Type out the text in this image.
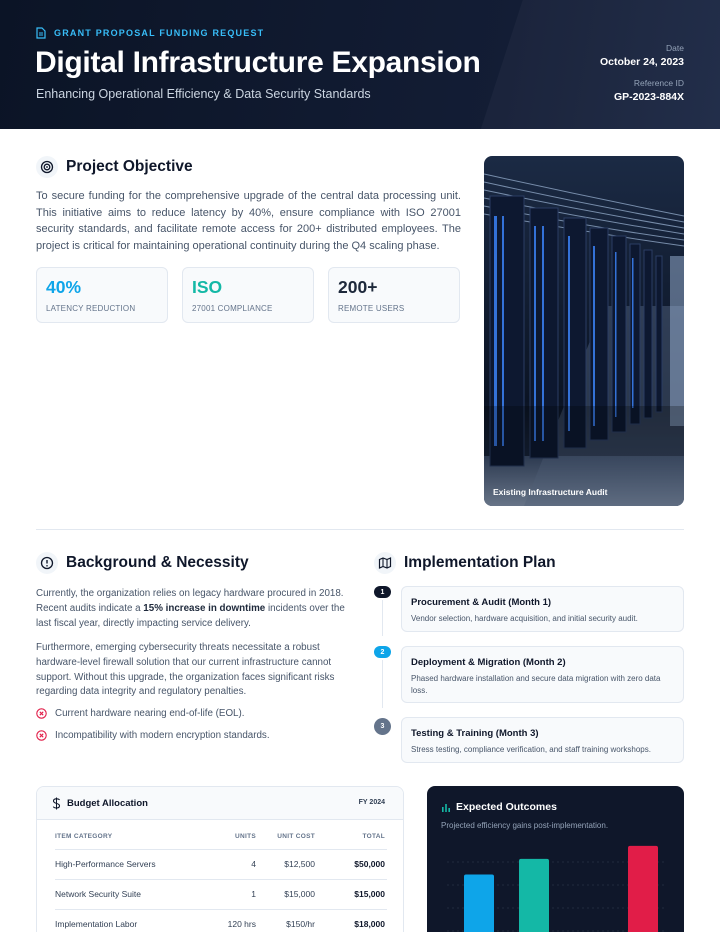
GRANT PROPOSAL FUNDING REQUEST
Digital Infrastructure Expansion
Enhancing Operational Efficiency & Data Security Standards
Date
October 24, 2023
Reference ID
GP-2023-884X
Project Objective

To secure funding for the comprehensive upgrade of the central data processing unit. This initiative aims to reduce latency by 40%, ensure compliance with ISO 27001 security standards, and facilitate remote access for 200+ distributed employees. The project is critical for maintaining operational continuity during the Q4 scaling phase.

40%
LATENCY REDUCTION
ISO
27001 COMPLIANCE
200+
REMOTE USERS
Existing Infrastructure Audit
Background & Necessity

Currently, the organization relies on legacy hardware procured in 2018. Recent audits indicate a 15% increase in downtime incidents over the last fiscal year, directly impacting service delivery.

Furthermore, emerging cybersecurity threats necessitate a robust hardware-level firewall solution that our current infrastructure cannot support. Without this upgrade, the organization faces significant risks regarding data integrity and regulatory penalties.

Current hardware nearing end-of-life (EOL).
Incompatibility with modern encryption standards.
Implementation Plan
1
Procurement & Audit (Month 1)
Vendor selection, hardware acquisition, and initial security audit.
2
Deployment & Migration (Month 2)
Phased hardware installation and secure data migration with zero data loss.
3
Testing & Training (Month 3)
Stress testing, compliance verification, and staff training workshops.
Budget Allocation	FY 2024
ITEM CATEGORY	UNITS	UNIT COST	TOTAL
High-Performance Servers	4	$12,500	$50,000
Network Security Suite	1	$15,000	$15,000
Implementation Labor	120 hrs	$150/hr	$18,000
Expected Outcomes
Projected efficiency gains post-implementation.
